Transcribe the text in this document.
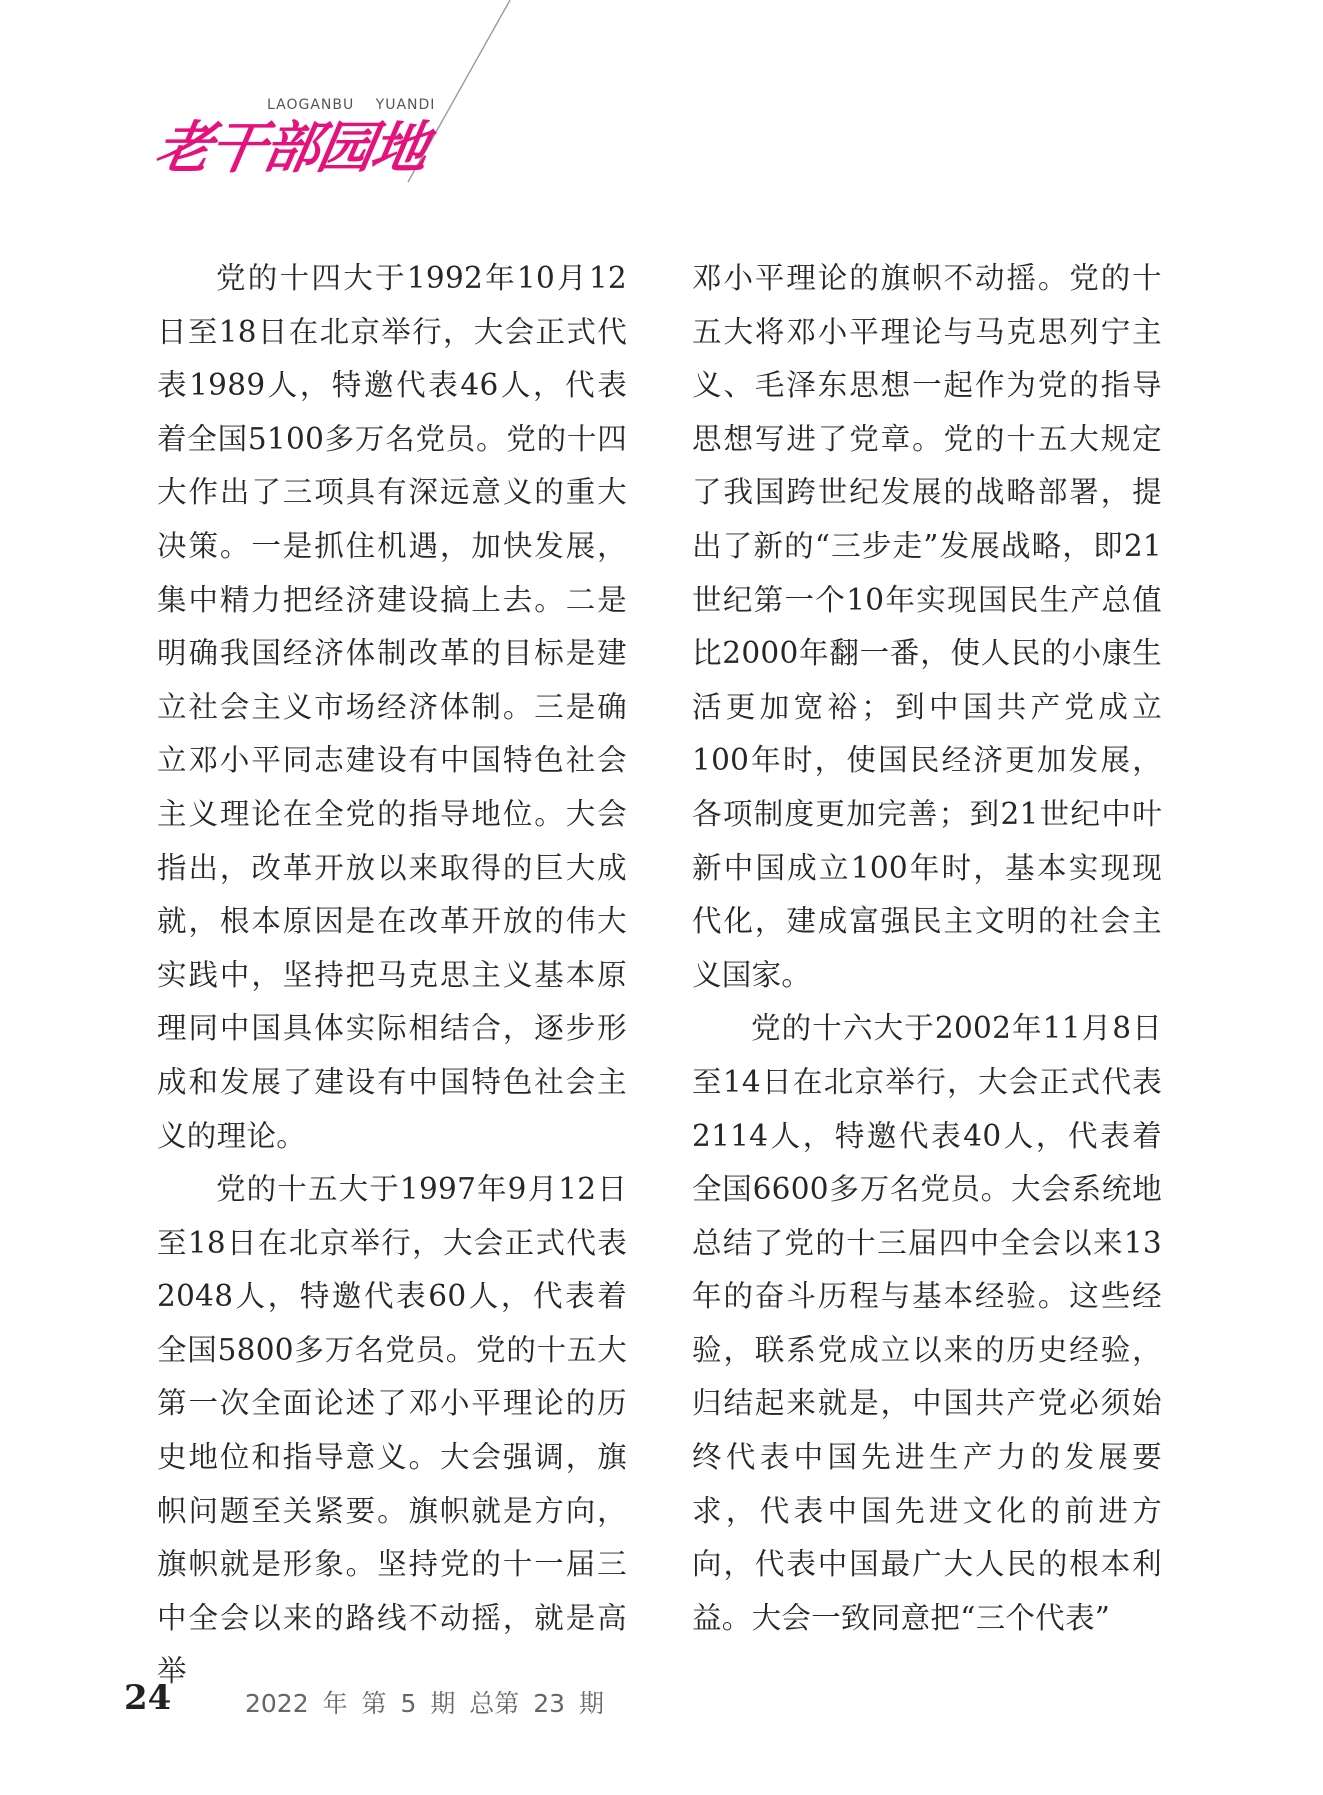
LAOGANBU YUANDI
老干部园地

党的十四大于1992年10月12日至18日在北京举行，大会正式代表1989人，特邀代表46人，代表着全国5100多万名党员。党的十四大作出了三项具有深远意义的重大决策。一是抓住机遇，加快发展，集中精力把经济建设搞上去。二是明确我国经济体制改革的目标是建立社会主义市场经济体制。三是确立邓小平同志建设有中国特色社会主义理论在全党的指导地位。大会指出，改革开放以来取得的巨大成就，根本原因是在改革开放的伟大实践中，坚持把马克思主义基本原理同中国具体实际相结合，逐步形成和发展了建设有中国特色社会主义的理论。

党的十五大于1997年9月12日至18日在北京举行，大会正式代表2048人，特邀代表60人，代表着全国5800多万名党员。党的十五大第一次全面论述了邓小平理论的历史地位和指导意义。大会强调，旗帜问题至关紧要。旗帜就是方向，旗帜就是形象。坚持党的十一届三中全会以来的路线不动摇，就是高举

邓小平理论的旗帜不动摇。党的十五大将邓小平理论与马克思列宁主义、毛泽东思想一起作为党的指导思想写进了党章。党的十五大规定了我国跨世纪发展的战略部署，提出了新的“三步走”发展战略，即21世纪第一个10年实现国民生产总值比2000年翻一番，使人民的小康生活更加宽裕；到中国共产党成立100年时，使国民经济更加发展，各项制度更加完善；到21世纪中叶新中国成立100年时，基本实现现代化，建成富强民主文明的社会主义国家。

党的十六大于2002年11月8日至14日在北京举行，大会正式代表2114人，特邀代表40人，代表着全国6600多万名党员。大会系统地总结了党的十三届四中全会以来13年的奋斗历程与基本经验。这些经验，联系党成立以来的历史经验，归结起来就是，中国共产党必须始终代表中国先进生产力的发展要求，代表中国先进文化的前进方向，代表中国最广大人民的根本利益。大会一致同意把“三个代表”

24	2022 年 第 5 期 总第 23 期
